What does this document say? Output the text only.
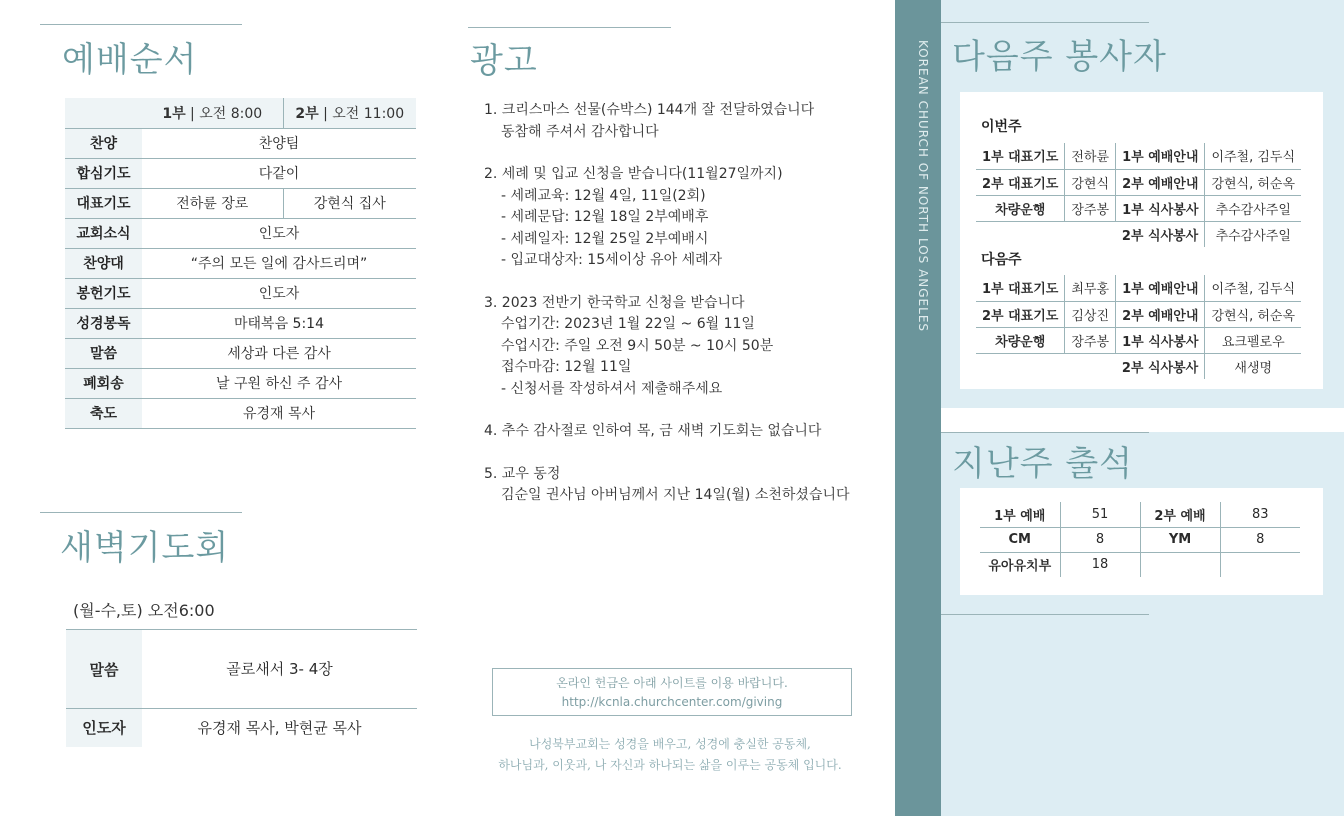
예배순서
	1부 | 오전 8:00	2부 | 오전 11:00
찬양	찬양팀	
합심기도	다같이	
대표기도	전하륜 장로	강현식 집사
교회소식	인도자	
찬양대	“주의 모든 일에 감사드리며”	
봉헌기도	인도자	
성경봉독	마태복음 5:14	
말씀	세상과 다른 감사	
폐회송	날 구원 하신 주 감사	
축도	유경재 목사	
새벽기도회
(월-수,토) 오전6:00
말씀	골로새서 3- 4장
인도자	유경재 목사, 박현균 목사
광고
1. 크리스마스 선물(슈박스) 144개 잘 전달하였습니다
동참해 주셔서 감사합니다
2. 세례 및 입교 신청을 받습니다(11월27일까지)
- 세례교육: 12월 4일, 11일(2회)
- 세례문답: 12월 18일 2부예배후
- 세례일자: 12월 25일 2부예배시
- 입교대상자: 15세이상 유아 세례자
3. 2023 전반기 한국학교 신청을 받습니다
수업기간: 2023년 1월 22일 ~ 6월 11일
수업시간: 주일 오전 9시 50분 ~ 10시 50분
접수마감: 12월 11일
- 신청서를 작성하셔서 제출해주세요
4. 추수 감사절로 인하여 목, 금 새벽 기도회는 없습니다
5. 교우 동정
김순일 권사님 아버님께서 지난 14일(월) 소천하셨습니다
온라인 헌금은 아래 사이트를 이용 바랍니다.
http://kcnla.churchcenter.com/giving
나성북부교회는 성경을 배우고, 성경에 충실한 공동체,
하나님과, 이웃과, 나 자신과 하나되는 삶을 이루는 공동체 입니다.
KOREAN CHURCH OF NORTH LOS ANGELES 다음주 봉사자
이번주
1부 대표기도	전하륜	1부 예배안내	이주철, 김두식
2부 대표기도	강현식	2부 예배안내	강현식, 허순옥
차량운행	장주봉	1부 식사봉사	추수감사주일
		2부 식사봉사	추수감사주일
다음주
1부 대표기도	최무홍	1부 예배안내	이주철, 김두식
2부 대표기도	김상진	2부 예배안내	강현식, 허순옥
차량운행	장주봉	1부 식사봉사	요크펠로우
		2부 식사봉사	새생명
지난주 출석
1부 예배	51	2부 예배	83
CM	8	YM	8
유아유치부	18		
